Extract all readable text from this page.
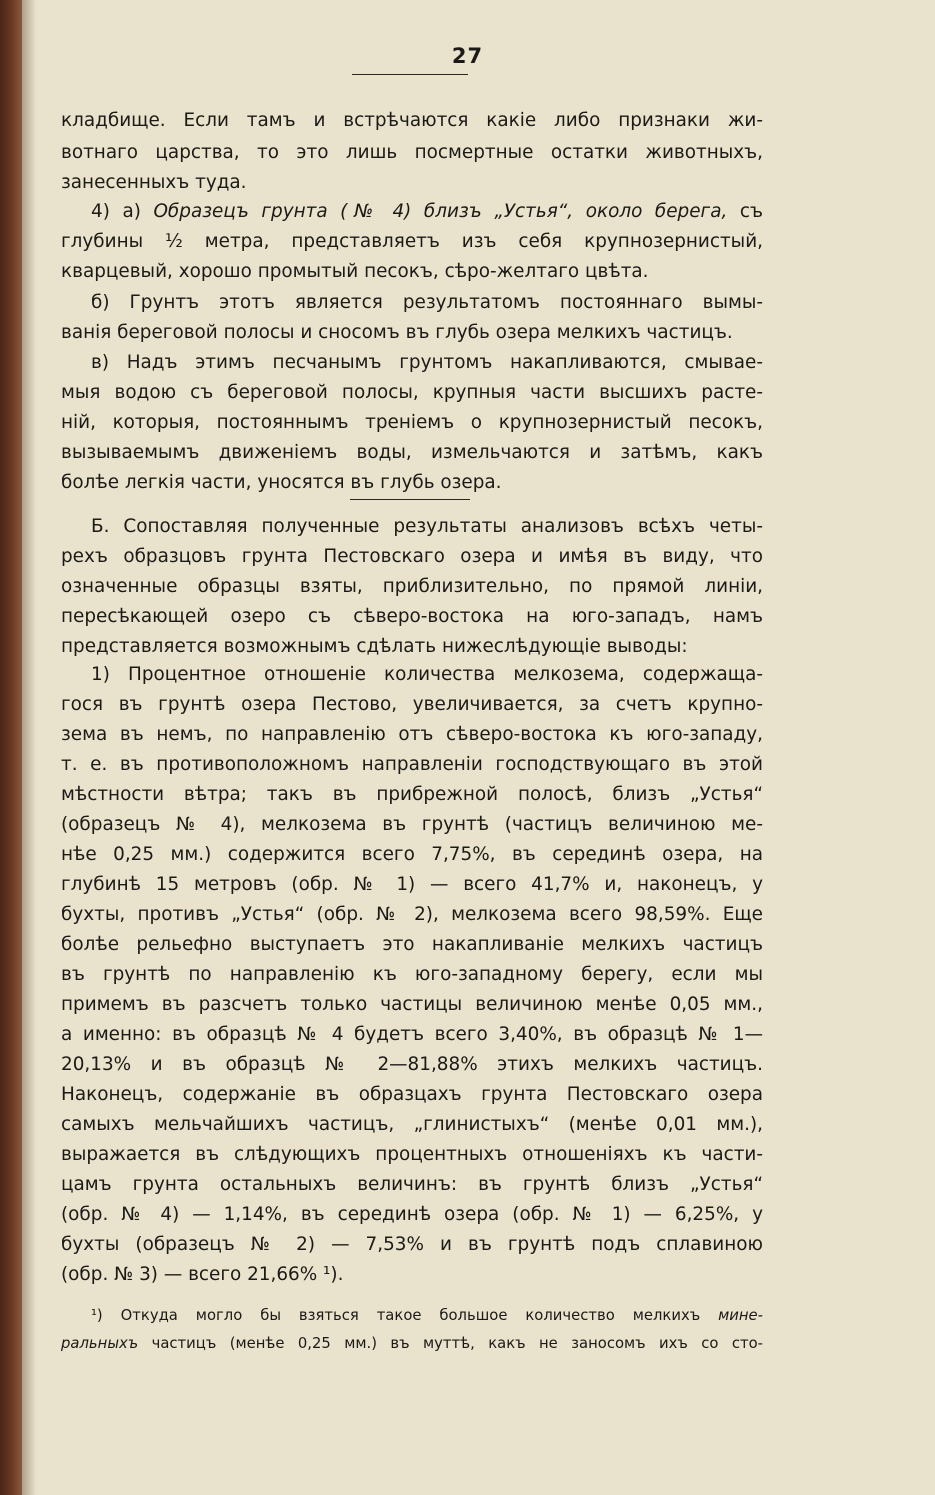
27
кладбище. Если тамъ и встрѣчаются какіе либо признаки жи-
вотнаго царства, то это лишь посмертные остатки животныхъ,
занесенныхъ туда.
4) а) Образецъ грунта (№ 4) близъ „Устья“, около берега, съ
глубины ½ метра, представляетъ изъ себя крупнозернистый,
кварцевый, хорошо промытый песокъ, сѣро-желтаго цвѣта.
б) Грунтъ этотъ является результатомъ постояннаго вымы-
ванія береговой полосы и сносомъ въ глубь озера мелкихъ частицъ.
в) Надъ этимъ песчанымъ грунтомъ накапливаются, смывае-
мыя водою съ береговой полосы, крупныя части высшихъ расте-
ній, которыя, постояннымъ треніемъ о крупнозернистый песокъ,
вызываемымъ движеніемъ воды, измельчаются и затѣмъ, какъ
болѣе легкія части, уносятся въ глубь озера.
Б. Сопоставляя полученные результаты анализовъ всѣхъ четы-
рехъ образцовъ грунта Пестовскаго озера и имѣя въ виду, что
означенные образцы взяты, приблизительно, по прямой линіи,
пересѣкающей озеро съ сѣверо-востока на юго-западъ, намъ
представляется возможнымъ сдѣлать нижеслѣдующіе выводы:
1) Процентное отношеніе количества мелкозема, содержаща-
гося въ грунтѣ озера Пестово, увеличивается, за счетъ крупно-
зема въ немъ, по направленію отъ сѣверо-востока къ юго-западу,
т. е. въ противоположномъ направленіи господствующаго въ этой
мѣстности вѣтра; такъ въ прибрежной полосѣ, близъ „Устья“
(образецъ № 4), мелкозема въ грунтѣ (частицъ величиною ме-
нѣе 0,25 мм.) содержится всего 7,75%, въ серединѣ озера, на
глубинѣ 15 метровъ (обр. № 1) — всего 41,7% и, наконецъ, у
бухты, противъ „Устья“ (обр. № 2), мелкозема всего 98,59%. Еще
болѣе рельефно выступаетъ это накапливаніе мелкихъ частицъ
въ грунтѣ по направленію къ юго-западному берегу, если мы
примемъ въ разсчетъ только частицы величиною менѣе 0,05 мм.,
а именно: въ образцѣ № 4 будетъ всего 3,40%, въ образцѣ № 1—
20,13% и въ образцѣ № 2—81,88% этихъ мелкихъ частицъ.
Наконецъ, содержаніе въ образцахъ грунта Пестовскаго озера
самыхъ мельчайшихъ частицъ, „глинистыхъ“ (менѣе 0,01 мм.),
выражается въ слѣдующихъ процентныхъ отношеніяхъ къ части-
цамъ грунта остальныхъ величинъ: въ грунтѣ близъ „Устья“
(обр. № 4) — 1,14%, въ серединѣ озера (обр. № 1) — 6,25%, у
бухты (образецъ № 2) — 7,53% и въ грунтѣ подъ сплавиною
(обр. № 3) — всего 21,66% ¹).
¹) Откуда могло бы взяться такое большое количество мелкихъ мине-
ральныхъ частицъ (менѣе 0,25 мм.) въ муттѣ, какъ не заносомъ ихъ со сто-
